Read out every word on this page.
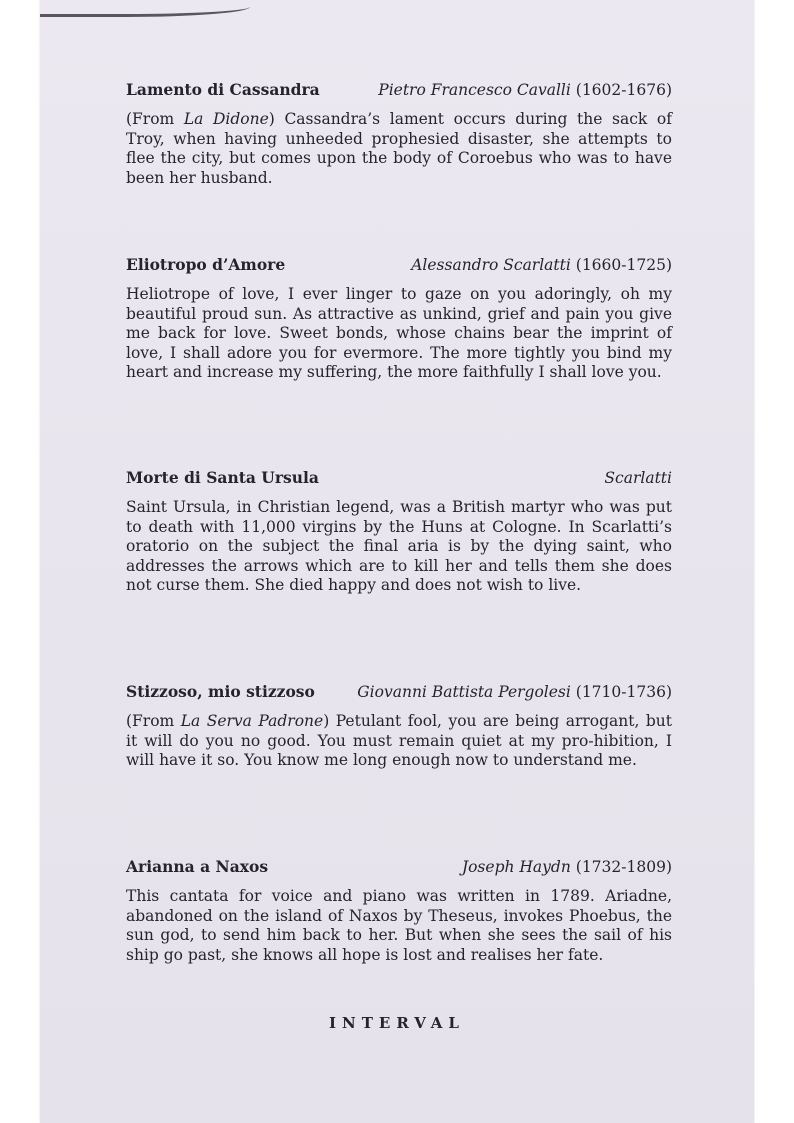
Lamento di Cassandra	Pietro Francesco Cavalli (1602-1676)

(From La Didone) Cassandra’s lament occurs during the sack of Troy, when having unheeded prophesied disaster, she attempts to flee the city, but comes upon the body of Coroebus who was to have been her husband.

Eliotropo d’Amore	Alessandro Scarlatti (1660-1725)

Heliotrope of love, I ever linger to gaze on you adoringly, oh my beautiful proud sun. As attractive as unkind, grief and pain you give me back for love. Sweet bonds, whose chains bear the imprint of love, I shall adore you for evermore. The more tightly you bind my heart and increase my suffering, the more faithfully I shall love you.

Morte di Santa Ursula	Scarlatti

Saint Ursula, in Christian legend, was a British martyr who was put to death with 11,000 virgins by the Huns at Cologne. In Scarlatti’s oratorio on the subject the final aria is by the dying saint, who addresses the arrows which are to kill her and tells them she does not curse them. She died happy and does not wish to live.

Stizzoso, mio stizzoso	Giovanni Battista Pergolesi (1710-1736)

(From La Serva Padrone) Petulant fool, you are being arrogant, but it will do you no good. You must remain quiet at my pro-hibition, I will have it so. You know me long enough now to understand me.

Arianna a Naxos	Joseph Haydn (1732-1809)

This cantata for voice and piano was written in 1789. Ariadne, abandoned on the island of Naxos by Theseus, invokes Phoebus, the sun god, to send him back to her. But when she sees the sail of his ship go past, she knows all hope is lost and realises her fate.

INTERVAL
